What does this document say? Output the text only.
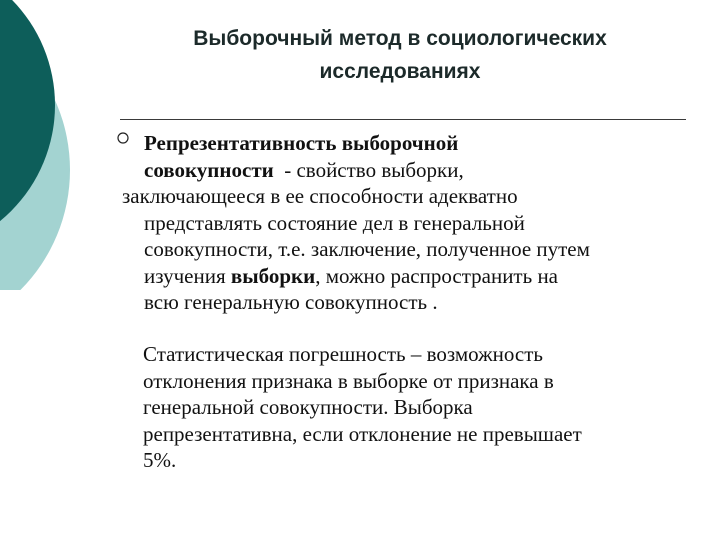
Выборочный метод в социологических
исследованиях
Репрезентативность выборочной
совокупности  - свойство выборки,
заключающееся в ее способности адекватно
представлять состояние дел в генеральной
совокупности, т.е. заключение, полученное путем
изучения выборки, можно распространить на
всю генеральную совокупность .
Статистическая погрешность – возможность
отклонения признака в выборке от признака в
генеральной совокупности. Выборка
репрезентативна, если отклонение не превышает
5%.
